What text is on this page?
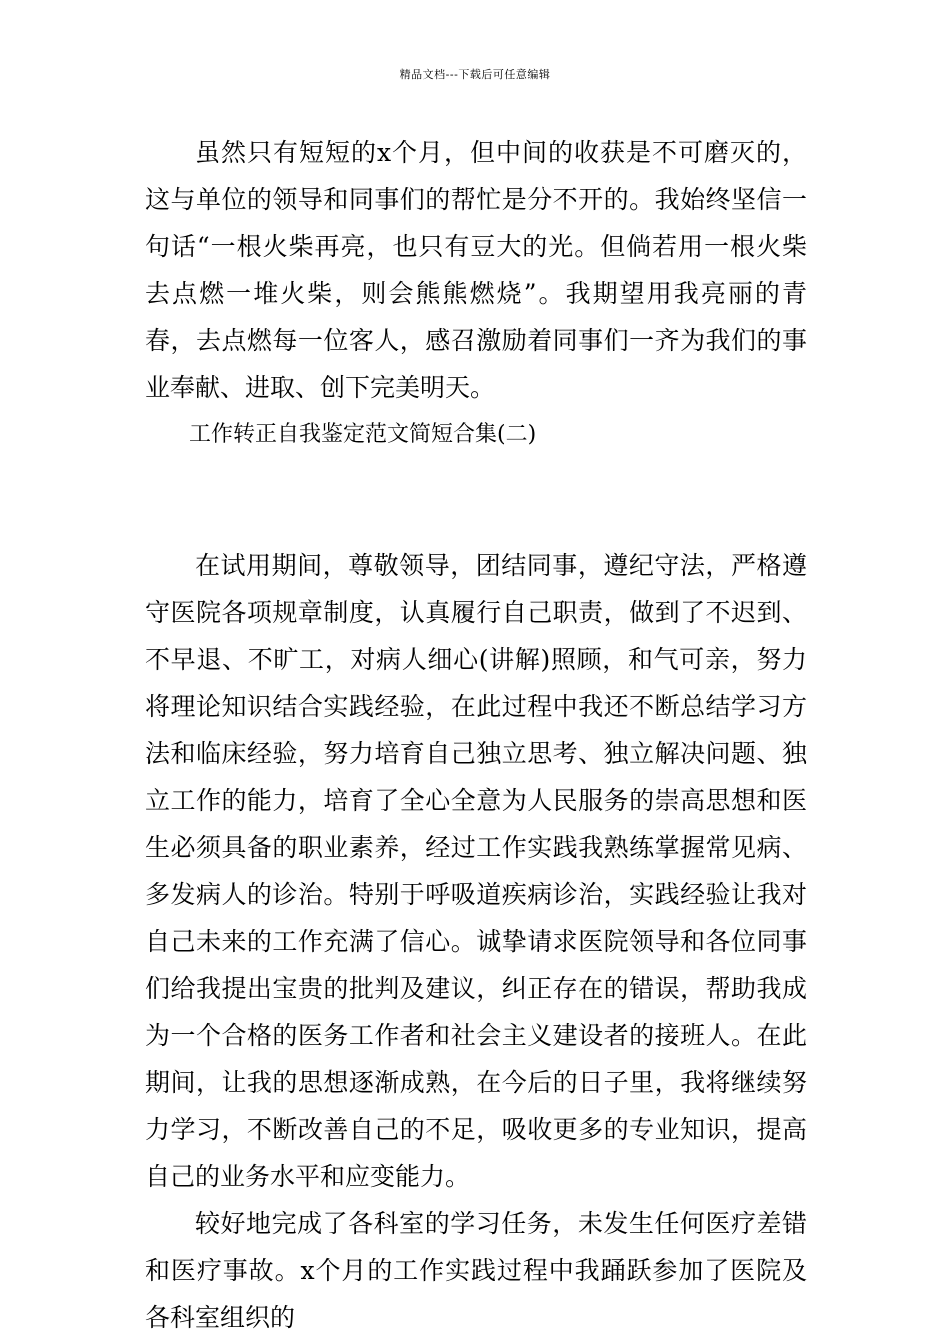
精品文档---下载后可任意编辑

虽然只有短短的x个月，但中间的收获是不可磨灭的，这与单位的领导和同事们的帮忙是分不开的。我始终坚信一句话“一根火柴再亮，也只有豆大的光。但倘若用一根火柴去点燃一堆火柴，则会熊熊燃烧”。我期望用我亮丽的青春，去点燃每一位客人，感召激励着同事们一齐为我们的事业奉献、进取、创下完美明天。

工作转正自我鉴定范文简短合集(二)

在试用期间，尊敬领导，团结同事，遵纪守法，严格遵守医院各项规章制度，认真履行自己职责，做到了不迟到、不早退、不旷工，对病人细心(讲解)照顾，和气可亲，努力将理论知识结合实践经验，在此过程中我还不断总结学习方法和临床经验，努力培育自己独立思考、独立解决问题、独立工作的能力，培育了全心全意为人民服务的崇高思想和医生必须具备的职业素养，经过工作实践我熟练掌握常见病、多发病人的诊治。特别于呼吸道疾病诊治，实践经验让我对自己未来的工作充满了信心。诚挚请求医院领导和各位同事们给我提出宝贵的批判及建议，纠正存在的错误，帮助我成为一个合格的医务工作者和社会主义建设者的接班人。在此期间，让我的思想逐渐成熟，在今后的日子里，我将继续努力学习，不断改善自己的不足，吸收更多的专业知识，提高自己的业务水平和应变能力。

较好地完成了各科室的学习任务，未发生任何医疗差错和医疗事故。x个月的工作实践过程中我踊跃参加了医院及各科室组织的
